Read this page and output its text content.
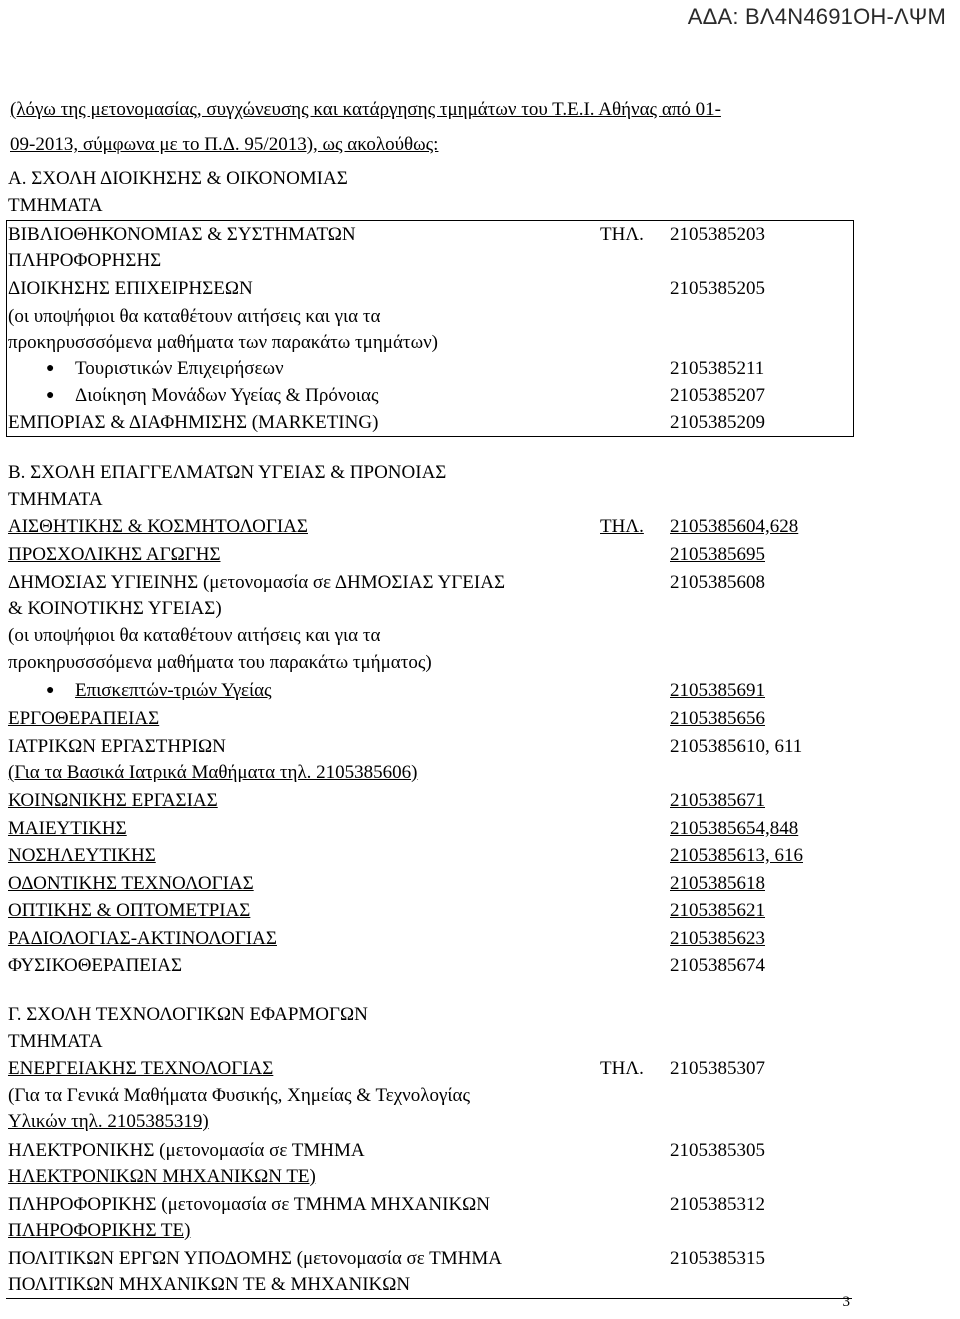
ΑΔΑ: ΒΛ4Ν4691ΟΗ-ΛΨΜ
(λόγω της μετονομασίας, συγχώνευσης και κατάργησης τμημάτων του Τ.Ε.Ι. Αθήνας από 01-
09-2013, σύμφωνα με το Π.Δ. 95/2013), ως ακολούθως:
Α. ΣΧΟΛΗ ΔΙΟΙΚΗΣΗΣ & ΟΙΚΟΝΟΜΙΑΣ
ΤΜΗΜΑΤΑ
ΒΙΒΛΙΟΘΗΚΟΝΟΜΙΑΣ & ΣΥΣΤΗΜΑΤΩΝ	ΤΗΛ. 2105385203
ΠΛΗΡΟΦΟΡΗΣΗΣ
ΔΙΟΙΚΗΣΗΣ ΕΠΙΧΕΙΡΗΣΕΩΝ	2105385205
(οι υποψήφιοι θα καταθέτουν αιτήσεις και για τα
προκηρυσσσόμενα μαθήματα των παρακάτω τμημάτων)
● Τουριστικών Επιχειρήσεων	2105385211
● Διοίκηση Μονάδων Υγείας & Πρόνοιας	2105385207
ΕΜΠΟΡΙΑΣ & ΔΙΑΦΗΜΙΣΗΣ (MARKETING)	2105385209
Β. ΣΧΟΛΗ ΕΠΑΓΓΕΛΜΑΤΩΝ ΥΓΕΙΑΣ & ΠΡΟΝΟΙΑΣ
ΤΜΗΜΑΤΑ
ΑΙΣΘΗΤΙΚΗΣ & ΚΟΣΜΗΤΟΛΟΓΙΑΣ	ΤΗΛ. 2105385604,628
ΠΡΟΣΧΟΛΙΚΗΣ ΑΓΩΓΗΣ	2105385695
ΔΗΜΟΣΙΑΣ ΥΓΙΕΙΝΗΣ (μετονομασία σε ΔΗΜΟΣΙΑΣ ΥΓΕΙΑΣ	2105385608
& ΚΟΙΝΟΤΙΚΗΣ ΥΓΕΙΑΣ)
(οι υποψήφιοι θα καταθέτουν αιτήσεις και για τα
προκηρυσσσόμενα μαθήματα του παρακάτω τμήματος)
● Επισκεπτών-τριών Υγείας	2105385691
ΕΡΓΟΘΕΡΑΠΕΙΑΣ	2105385656
ΙΑΤΡΙΚΩΝ ΕΡΓΑΣΤΗΡΙΩΝ	2105385610, 611
(Για τα Βασικά Ιατρικά Μαθήματα τηλ. 2105385606)
ΚΟΙΝΩΝΙΚΗΣ ΕΡΓΑΣΙΑΣ	2105385671
ΜΑΙΕΥΤΙΚΗΣ	2105385654,848
ΝΟΣΗΛΕΥΤΙΚΗΣ	2105385613, 616
ΟΔΟΝΤΙΚΗΣ ΤΕΧΝΟΛΟΓΙΑΣ	2105385618
ΟΠΤΙΚΗΣ & ΟΠΤΟΜΕΤΡΙΑΣ	2105385621
ΡΑΔΙΟΛΟΓΙΑΣ-ΑΚΤΙΝΟΛΟΓΙΑΣ	2105385623
ΦΥΣΙΚΟΘΕΡΑΠΕΙΑΣ	2105385674
Γ. ΣΧΟΛΗ ΤΕΧΝΟΛΟΓΙΚΩΝ ΕΦΑΡΜΟΓΩΝ
ΤΜΗΜΑΤΑ
ΕΝΕΡΓΕΙΑΚΗΣ ΤΕΧΝΟΛΟΓΙΑΣ	ΤΗΛ. 2105385307
(Για τα Γενικά Μαθήματα Φυσικής, Χημείας & Τεχνολογίας
Υλικών τηλ. 2105385319)
ΗΛΕΚΤΡΟΝΙΚΗΣ (μετονομασία σε ΤΜΗΜΑ	2105385305
ΗΛΕΚΤΡΟΝΙΚΩΝ ΜΗΧΑΝΙΚΩΝ ΤΕ)
ΠΛΗΡΟΦΟΡΙΚΗΣ (μετονομασία σε ΤΜΗΜΑ ΜΗΧΑΝΙΚΩΝ	2105385312
ΠΛΗΡΟΦΟΡΙΚΗΣ ΤΕ)
ΠΟΛΙΤΙΚΩΝ ΕΡΓΩΝ ΥΠΟΔΟΜΗΣ (μετονομασία σε ΤΜΗΜΑ	2105385315
ΠΟΛΙΤΙΚΩΝ ΜΗΧΑΝΙΚΩΝ ΤΕ & ΜΗΧΑΝΙΚΩΝ
3
